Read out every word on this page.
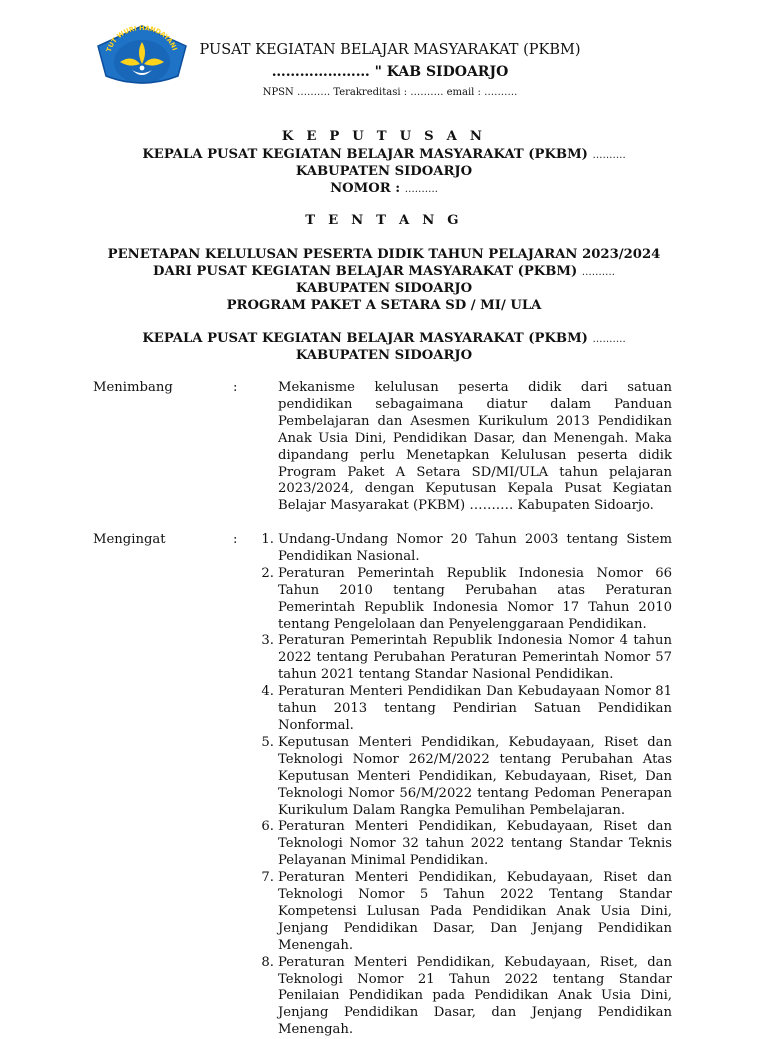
TUT WURI HANDAYANI	PUSAT KEGIATAN BELAJAR MASYARAKAT (PKBM)
………………… " KAB SIDOARJO
NPSN ………. Terakreditasi : ………. email : ……….
K E P U T U S A N
KEPALA PUSAT KEGIATAN BELAJAR MASYARAKAT (PKBM) ……….
KABUPATEN SIDOARJO
NOMOR : ……….
T E N T A N G
PENETAPAN KELULUSAN PESERTA DIDIK TAHUN PELAJARAN 2023/2024
DARI PUSAT KEGIATAN BELAJAR MASYARAKAT (PKBM) ……….
KABUPATEN SIDOARJO
PROGRAM PAKET A SETARA SD / MI/ ULA
KEPALA PUSAT KEGIATAN BELAJAR MASYARAKAT (PKBM) ……….
KABUPATEN SIDOARJO
Menimbang	:	Mekanisme kelulusan peserta didik dari satuan pendidikan sebagaimana diatur dalam Panduan Pembelajaran dan Asesmen Kurikulum 2013 Pendidikan Anak Usia Dini, Pendidikan Dasar, dan Menengah. Maka dipandang perlu Menetapkan Kelulusan peserta didik Program Paket A Setara SD/MI/ULA tahun pelajaran 2023/2024, dengan Keputusan Kepala Pusat Kegiatan Belajar Masyarakat (PKBM) ………. Kabupaten Sidoarjo.
Mengingat	:	1. Undang-Undang Nomor 20 Tahun 2003 tentang Sistem Pendidikan Nasional.
2. Peraturan Pemerintah Republik Indonesia Nomor 66 Tahun 2010 tentang Perubahan atas Peraturan Pemerintah Republik Indonesia Nomor 17 Tahun 2010 tentang Pengelolaan dan Penyelenggaraan Pendidikan.
3. Peraturan Pemerintah Republik Indonesia Nomor 4 tahun 2022 tentang Perubahan Peraturan Pemerintah Nomor 57 tahun 2021 tentang Standar Nasional Pendidikan.
4. Peraturan Menteri Pendidikan Dan Kebudayaan Nomor 81 tahun 2013 tentang Pendirian Satuan Pendidikan Nonformal.
5. Keputusan Menteri Pendidikan, Kebudayaan, Riset dan Teknologi Nomor 262/M/2022 tentang Perubahan Atas Keputusan Menteri Pendidikan, Kebudayaan, Riset, Dan Teknologi Nomor 56/M/2022 tentang Pedoman Penerapan Kurikulum Dalam Rangka Pemulihan Pembelajaran.
6. Peraturan Menteri Pendidikan, Kebudayaan, Riset dan Teknologi Nomor 32 tahun 2022 tentang Standar Teknis Pelayanan Minimal Pendidikan.
7. Peraturan Menteri Pendidikan, Kebudayaan, Riset dan Teknologi Nomor 5 Tahun 2022 Tentang Standar Kompetensi Lulusan Pada Pendidikan Anak Usia Dini, Jenjang Pendidikan Dasar, Dan Jenjang Pendidikan Menengah.
8. Peraturan Menteri Pendidikan, Kebudayaan, Riset, dan Teknologi Nomor 21 Tahun 2022 tentang Standar Penilaian Pendidikan pada Pendidikan Anak Usia Dini, Jenjang Pendidikan Dasar, dan Jenjang Pendidikan Menengah.
